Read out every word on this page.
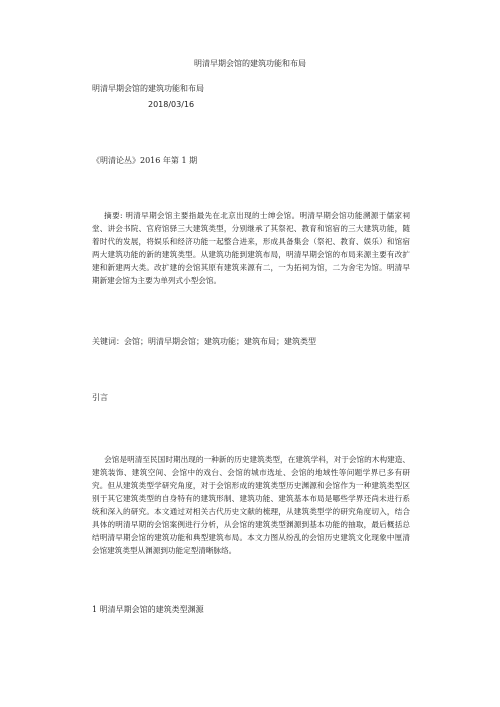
明清早期会馆的建筑功能和布局
明清早期会馆的建筑功能和布局
2018/03/16
《明清论丛》2016 年第 1 期

摘要: 明清早期会馆主要指最先在北京出现的士绅会馆。明清早期会馆功能溯源于儒家祠堂、讲会书院、官府馆驿三大建筑类型，分别继承了其祭祀、教育和馆宿的三大建筑功能，随着时代的发展，将娱乐和经济功能一起整合进来，形成具备集会（祭祀、教育、娱乐）和馆宿两大建筑功能的新的建筑类型。从建筑功能到建筑布局，明清早期会馆的布局来源主要有改扩建和新建两大类。改扩建的会馆其原有建筑来源有二，一为拓祠为馆，二为舍宅为馆。明清早期新建会馆为主要为单列式小型会馆。

关键词：会馆；明清早期会馆；建筑功能；建筑布局；建筑类型
引言

会馆是明清至民国时期出现的一种新的历史建筑类型，在建筑学科，对于会馆的木构建造、建筑装饰、建筑空间、会馆中的戏台、会馆的城市选址、会馆的地域性等问题学界已多有研究。但从建筑类型学研究角度，对于会馆形成的建筑类型历史渊源和会馆作为一种建筑类型区别于其它建筑类型的自身特有的建筑形制、建筑功能、建筑基本布局是哪些学界还尚未进行系统和深入的研究。本文通过对相关古代历史文献的梳理，从建筑类型学的研究角度切入，结合具体的明清早期的会馆案例进行分析，从会馆的建筑类型渊源到基本功能的抽取，最后概括总结明清早期会馆的建筑功能和典型建筑布局。本文力图从纷乱的会馆历史建筑文化现象中厘清会馆建筑类型从渊源到功能定型清晰脉络。

1 明清早期会馆的建筑类型渊源
